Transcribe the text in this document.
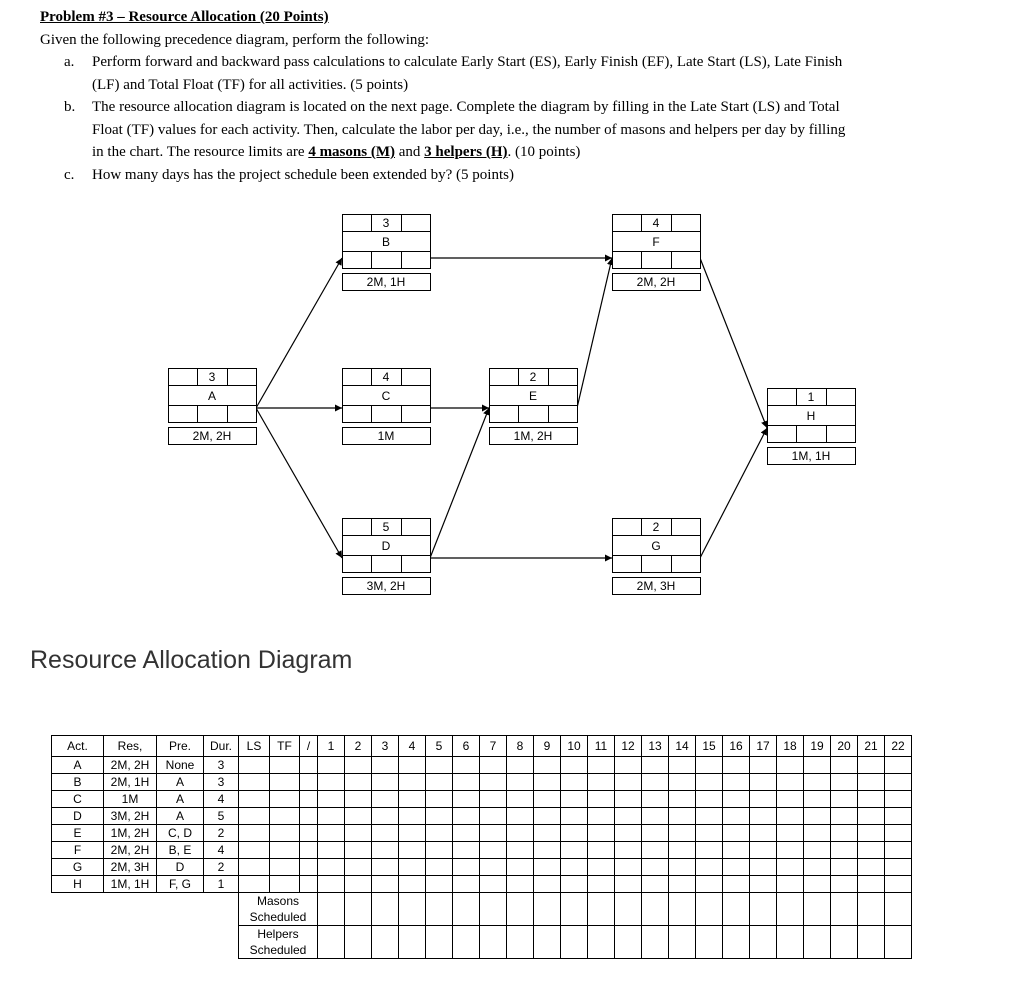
Problem #3 – Resource Allocation (20 Points)
Given the following precedence diagram, perform the following:
a. Perform forward and backward pass calculations to calculate Early Start (ES), Early Finish (EF), Late Start (LS), Late Finish
(LF) and Total Float (TF) for all activities. (5 points)
b. The resource allocation diagram is located on the next page. Complete the diagram by filling in the Late Start (LS) and Total
Float (TF) values for each activity. Then, calculate the labor per day, i.e., the number of masons and helpers per day by filling
in the chart. The resource limits are 4 masons (M) and 3 helpers (H). (10 points)
c. How many days has the project schedule been extended by? (5 points)
3
A
2M, 2H
3
B
2M, 1H
4
C
1M
5
D
3M, 2H
2
E
1M, 2H
4
F
2M, 2H
2
G
2M, 3H
1
H
1M, 1H
Resource Allocation Diagram
Act.	Res,	Pre.	Dur.	LS	TF	/	1	2	3	4	5	6	7	8	9	10	11	12	13	14	15	16	17	18	19	20	21	22
A	2M, 2H	None	3																									
B	2M, 1H	A	3																									
C	1M	A	4																									
D	3M, 2H	A	5																									
E	1M, 2H	C, D	2																									
F	2M, 2H	B, E	4																									
G	2M, 3H	D	2																									
H	1M, 1H	F, G	1																									

				Masons
Scheduled																								

				Helpers
Scheduled																								
